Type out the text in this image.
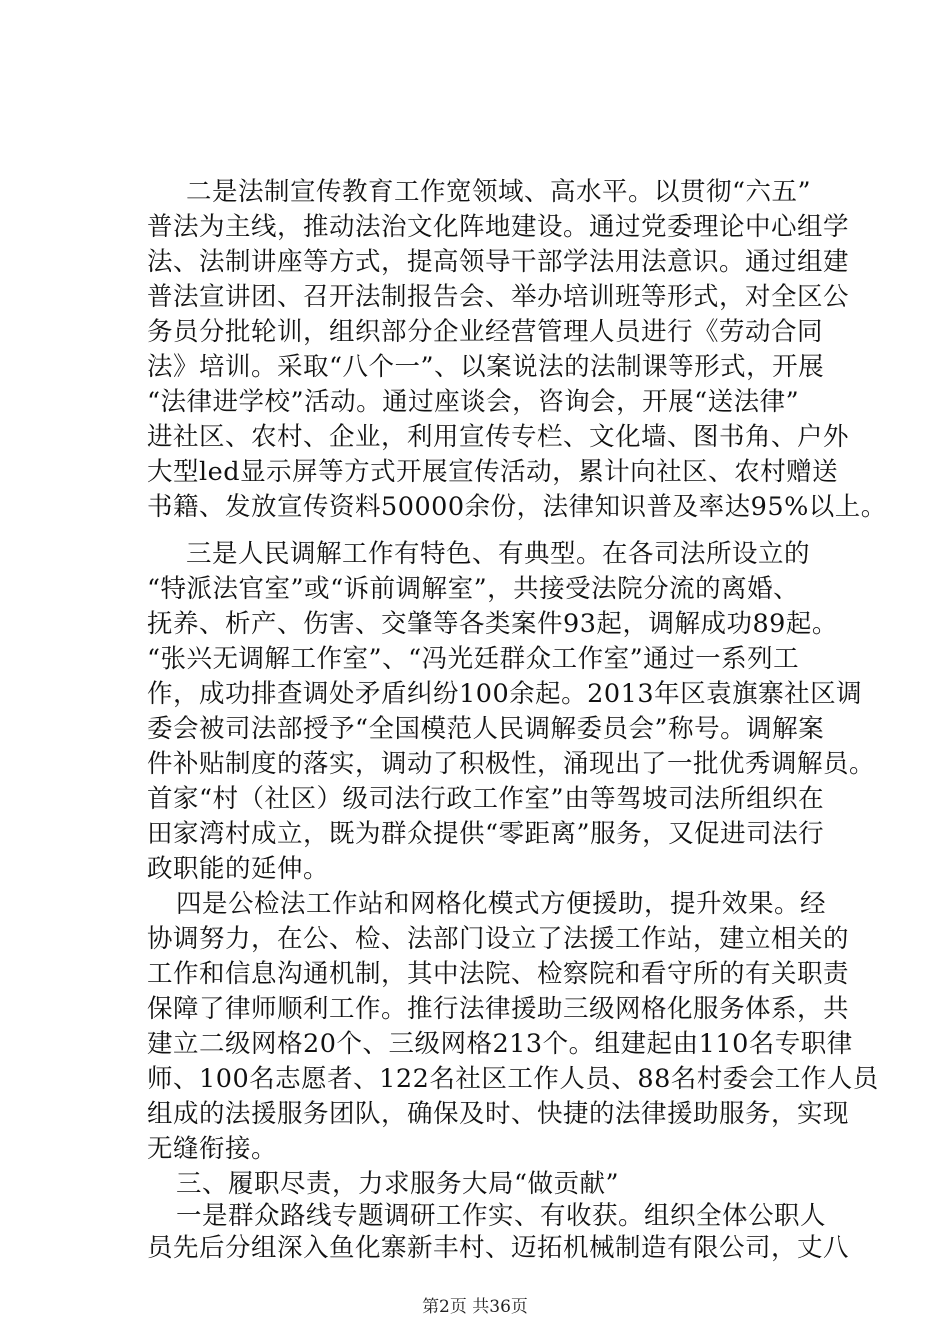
二是法制宣传教育工作宽领域、高水平。以贯彻“六五”
普法为主线，推动法治文化阵地建设。通过党委理论中心组学
法、法制讲座等方式，提高领导干部学法用法意识。通过组建
普法宣讲团、召开法制报告会、举办培训班等形式，对全区公
务员分批轮训，组织部分企业经营管理人员进行《劳动合同
法》培训。采取“八个一”、以案说法的法制课等形式，开展
“法律进学校”活动。通过座谈会，咨询会，开展“送法律”
进社区、农村、企业，利用宣传专栏、文化墙、图书角、户外
大型led显示屏等方式开展宣传活动，累计向社区、农村赠送
书籍、发放宣传资料50000余份，法律知识普及率达95%以上。
三是人民调解工作有特色、有典型。在各司法所设立的
“特派法官室”或“诉前调解室”，共接受法院分流的离婚、
抚养、析产、伤害、交肇等各类案件93起，调解成功89起。
“张兴无调解工作室”、“冯光廷群众工作室”通过一系列工
作，成功排查调处矛盾纠纷100余起。2013年区袁旗寨社区调
委会被司法部授予“全国模范人民调解委员会”称号。调解案
件补贴制度的落实，调动了积极性，涌现出了一批优秀调解员。
首家“村（社区）级司法行政工作室”由等驾坡司法所组织在
田家湾村成立，既为群众提供“零距离”服务，又促进司法行
政职能的延伸。
四是公检法工作站和网格化模式方便援助，提升效果。经
协调努力，在公、检、法部门设立了法援工作站，建立相关的
工作和信息沟通机制，其中法院、检察院和看守所的有关职责
保障了律师顺利工作。推行法律援助三级网格化服务体系，共
建立二级网格20个、三级网格213个。组建起由110名专职律
师、100名志愿者、122名社区工作人员、88名村委会工作人员
组成的法援服务团队，确保及时、快捷的法律援助服务，实现
无缝衔接。
三、履职尽责，力求服务大局“做贡献”
一是群众路线专题调研工作实、有收获。组织全体公职人
员先后分组深入鱼化寨新丰村、迈拓机械制造有限公司，丈八
第2页 共36页
